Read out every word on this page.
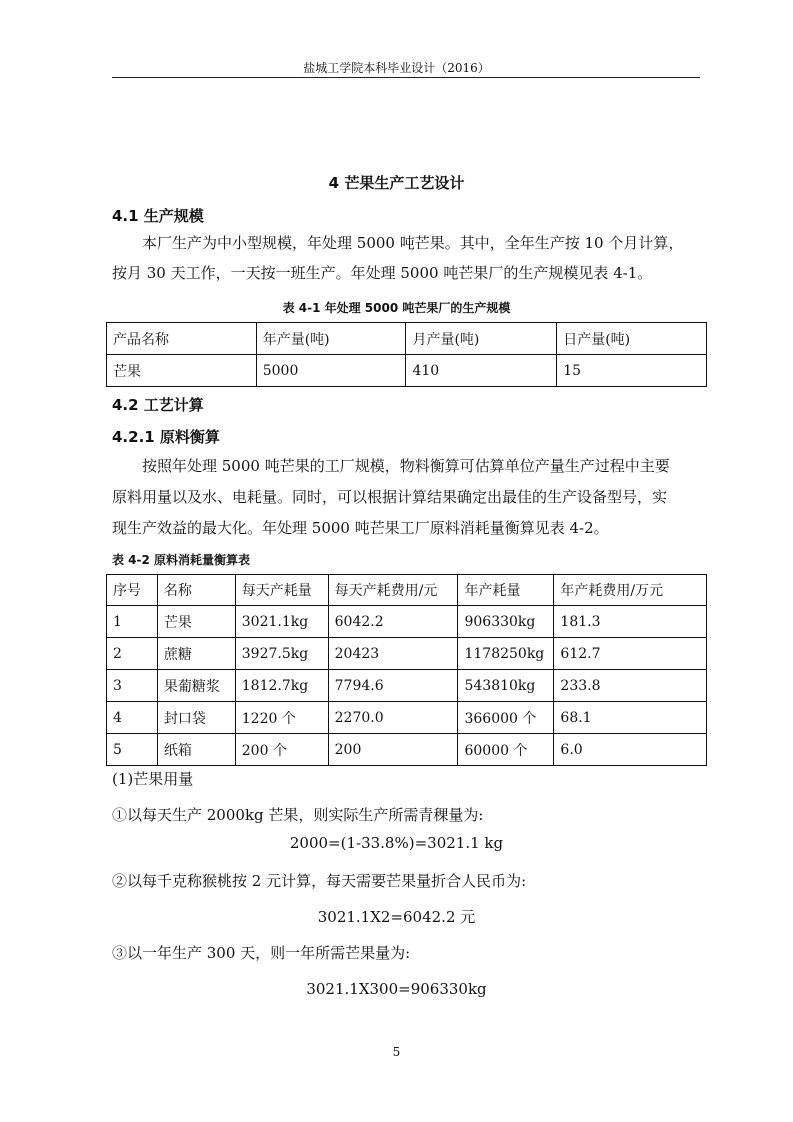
盐城工学院本科毕业设计（2016）
4 芒果生产工艺设计
4.1 生产规模

本厂生产为中小型规模，年处理 5000 吨芒果。其中，全年生产按 10 个月计算，

按月 30 天工作，一天按一班生产。年处理 5000 吨芒果厂的生产规模见表 4-1。

表 4-1 年处理 5000 吨芒果厂的生产规模
产品名称	年产量(吨)	月产量(吨)	日产量(吨)
芒果	5000	410	15
4.2 工艺计算
4.2.1 原料衡算

按照年处理 5000 吨芒果的工厂规模，物料衡算可估算单位产量生产过程中主要

原料用量以及水、电耗量。同时，可以根据计算结果确定出最佳的生产设备型号，实

现生产效益的最大化。年处理 5000 吨芒果工厂原料消耗量衡算见表 4-2。

表 4-2 原料消耗量衡算表
序号	名称	每天产耗量	每天产耗费用/元	年产耗量	年产耗费用/万元
1	芒果	3021.1kg	6042.2	906330kg	181.3
2	蔗糖	3927.5kg	20423	1178250kg	612.7
3	果葡糖浆	1812.7kg	7794.6	543810kg	233.8
4	封口袋	1220 个	2270.0	366000 个	68.1
5	纸箱	200 个	200	60000 个	6.0
(1)芒果用量
①以每天生产 2000kg 芒果，则实际生产所需青稞量为:
2000=(1-33.8%)=3021.1 kg
②以每千克称猴桃按 2 元计算，每天需要芒果量折合人民币为:
3021.1X2=6042.2 元
③以一年生产 300 天，则一年所需芒果量为:
3021.1X300=906330kg
5
